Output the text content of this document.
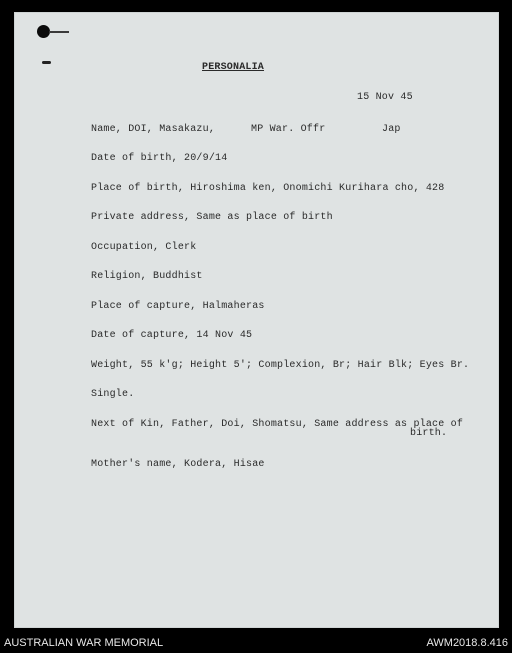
PERSONALIA
15 Nov 45
Name, DOI, Masakazu,	MP War. Offr	Jap
Date of birth, 20/9/14
Place of birth, Hiroshima ken, Onomichi Kurihara cho, 428
Private address, Same as place of birth
Occupation, Clerk
Religion, Buddhist
Place of capture, Halmaheras
Date of capture, 14 Nov 45
Weight, 55 k'g; Height 5'; Complexion, Br; Hair Blk; Eyes Br.
Single.
Next of Kin, Father, Doi, Shomatsu, Same address as place of
birth.
Mother's name, Kodera, Hisae
AUSTRALIAN WAR MEMORIAL	AWM2018.8.416
